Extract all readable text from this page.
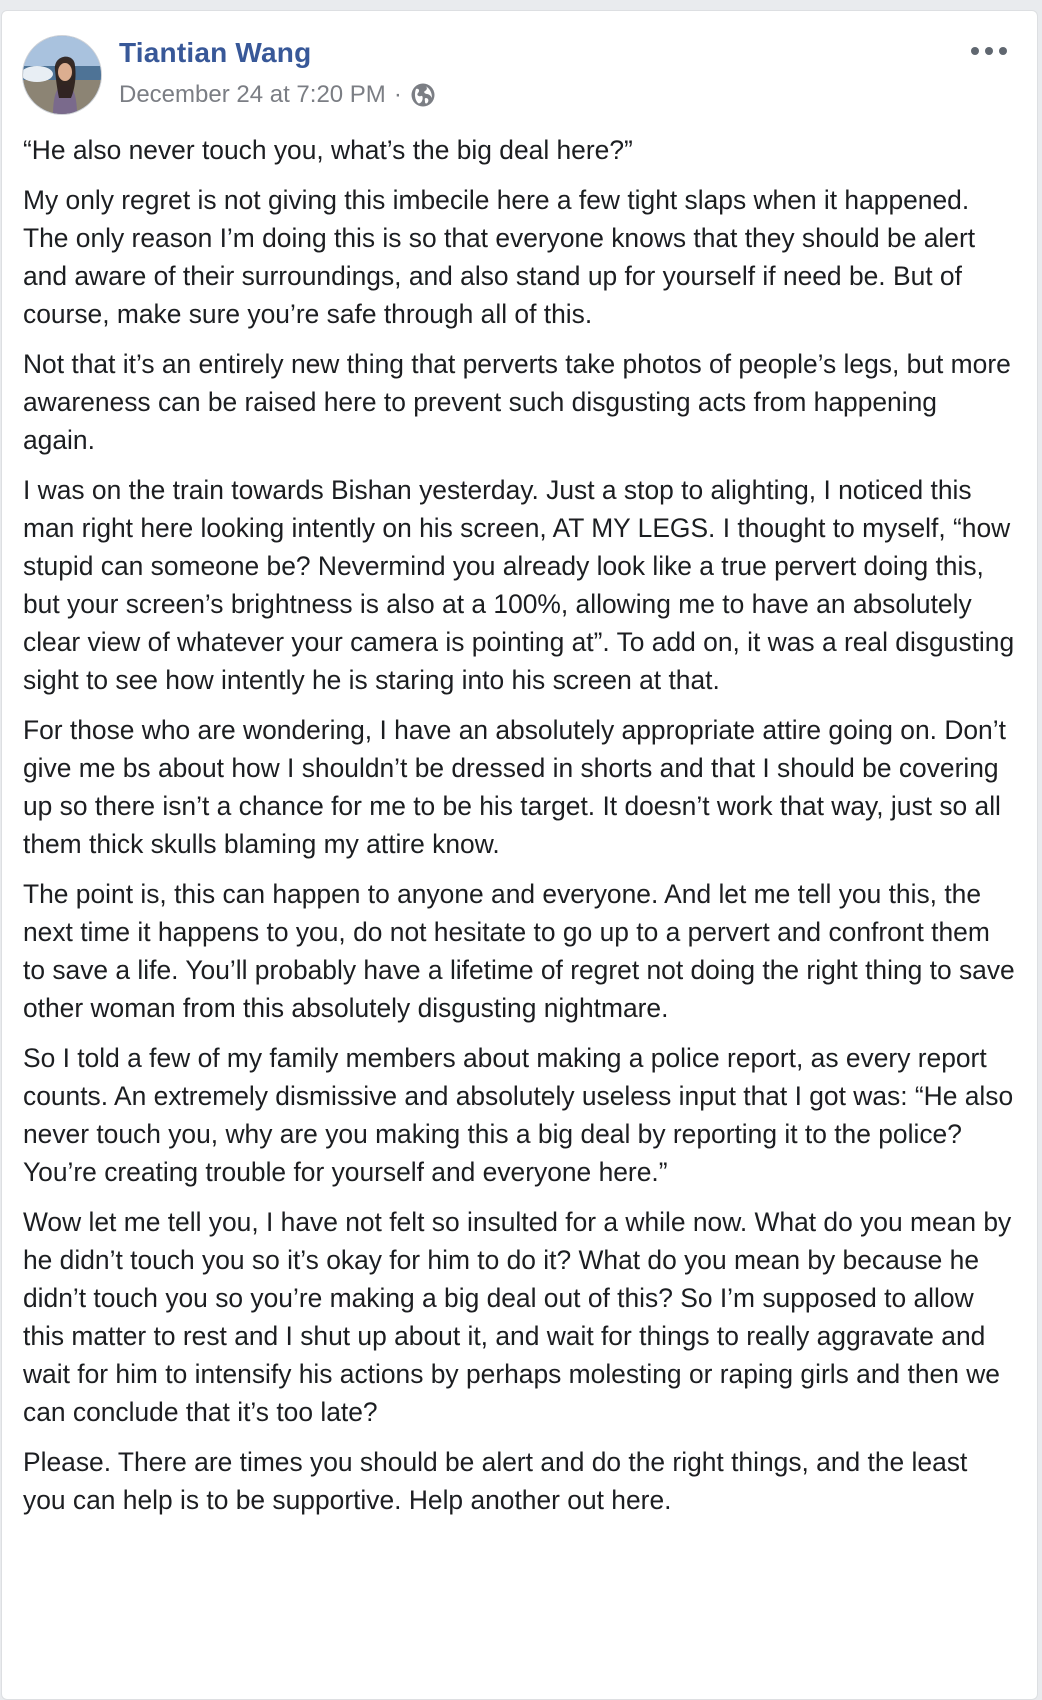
Tiantian Wang
December 24 at 7:20 PM ·

“He also never touch you, what’s the big deal here?”

My only regret is not giving this imbecile here a few tight slaps when it happened. The only reason I’m doing this is so that everyone knows that they should be alert and aware of their surroundings, and also stand up for yourself if need be. But of course, make sure you’re safe through all of this.

Not that it’s an entirely new thing that perverts take photos of people’s legs, but more awareness can be raised here to prevent such disgusting acts from happening again.

I was on the train towards Bishan yesterday. Just a stop to alighting, I noticed this man right here looking intently on his screen, AT MY LEGS. I thought to myself, “how stupid can someone be? Nevermind you already look like a true pervert doing this, but your screen’s brightness is also at a 100%, allowing me to have an absolutely clear view of whatever your camera is pointing at”. To add on, it was a real disgusting sight to see how intently he is staring into his screen at that.

For those who are wondering, I have an absolutely appropriate attire going on. Don’t give me bs about how I shouldn’t be dressed in shorts and that I should be covering up so there isn’t a chance for me to be his target. It doesn’t work that way, just so all them thick skulls blaming my attire know.

The point is, this can happen to anyone and everyone. And let me tell you this, the next time it happens to you, do not hesitate to go up to a pervert and confront them to save a life. You’ll probably have a lifetime of regret not doing the right thing to save other woman from this absolutely disgusting nightmare.

So I told a few of my family members about making a police report, as every report counts. An extremely dismissive and absolutely useless input that I got was: “He also never touch you, why are you making this a big deal by reporting it to the police? You’re creating trouble for yourself and everyone here.”

Wow let me tell you, I have not felt so insulted for a while now. What do you mean by he didn’t touch you so it’s okay for him to do it? What do you mean by because he didn’t touch you so you’re making a big deal out of this? So I’m supposed to allow this matter to rest and I shut up about it, and wait for things to really aggravate and wait for him to intensify his actions by perhaps molesting or raping girls and then we can conclude that it’s too late?

Please. There are times you should be alert and do the right things, and the least you can help is to be supportive. Help another out here.
